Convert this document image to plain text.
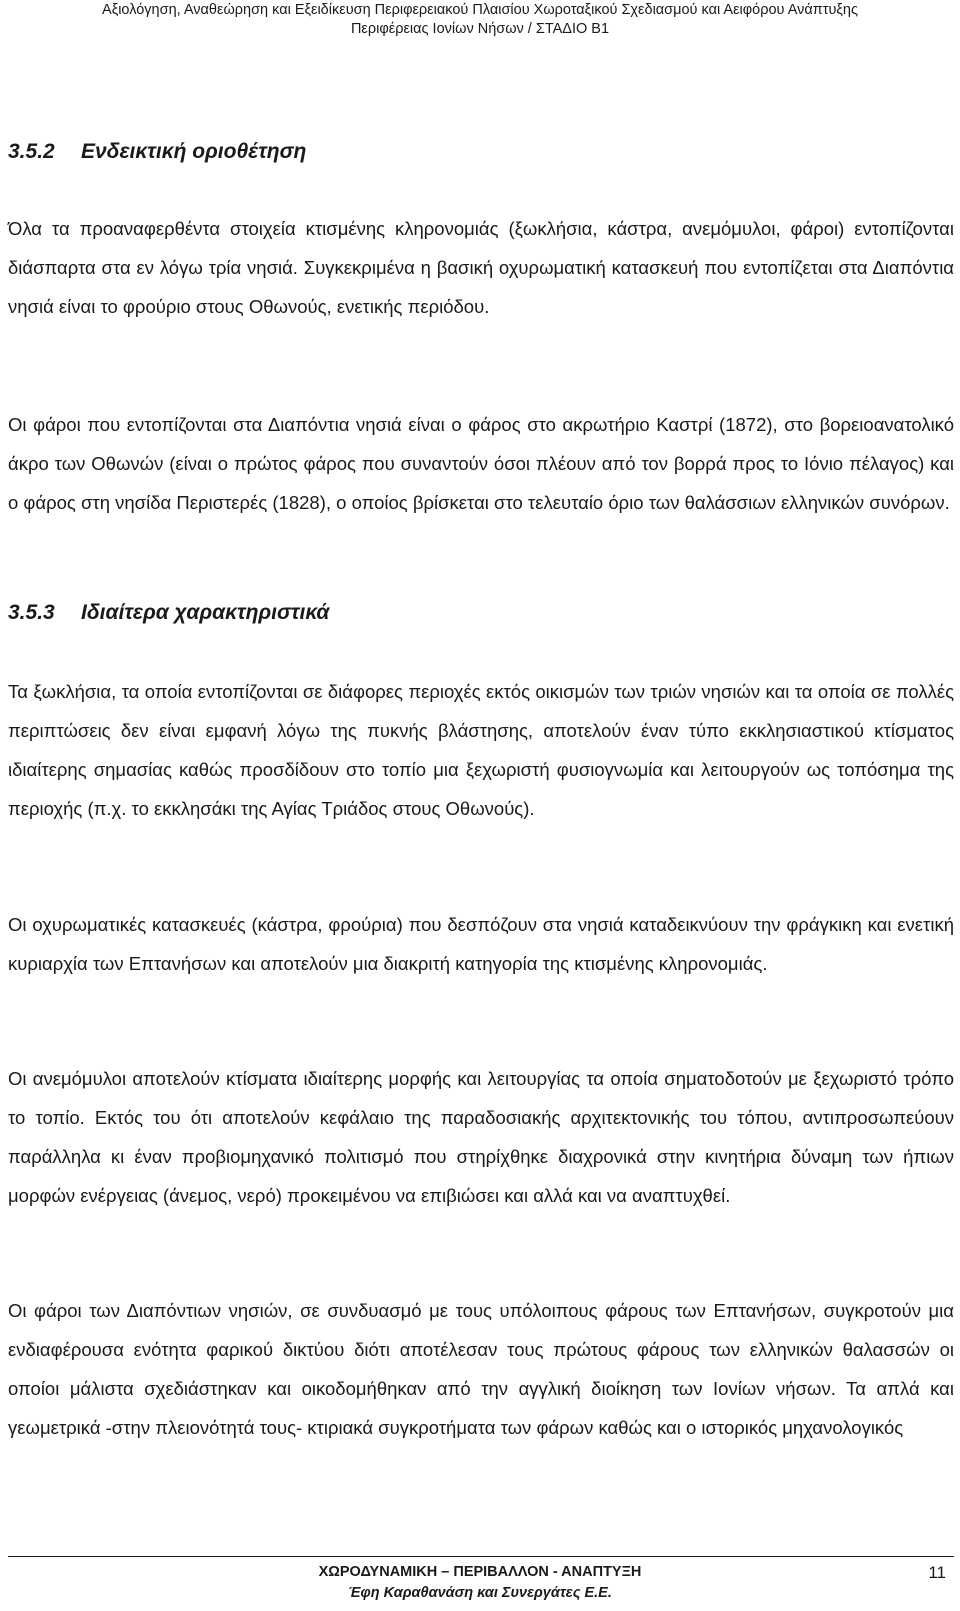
Αξιολόγηση, Αναθεώρηση και Εξειδίκευση Περιφερειακού Πλαισίου Χωροταξικού Σχεδιασμού και Αειφόρου Ανάπτυξης
Περιφέρειας Ιονίων Νήσων / ΣΤΑΔΙΟ Β1
3.5.2 Ενδεικτική οριοθέτηση

Όλα τα προαναφερθέντα στοιχεία κτισμένης κληρονομιάς (ξωκλήσια, κάστρα, ανεμόμυλοι, φάροι) εντοπίζονται διάσπαρτα στα εν λόγω τρία νησιά. Συγκεκριμένα η βασική οχυρωματική κατασκευή που εντοπίζεται στα Διαπόντια νησιά είναι το φρούριο στους Οθωνούς, ενετικής περιόδου.

Οι φάροι που εντοπίζονται στα Διαπόντια νησιά είναι ο φάρος στο ακρωτήριο Καστρί (1872), στο βορειοανατολικό άκρο των Οθωνών (είναι ο πρώτος φάρος που συναντούν όσοι πλέουν από τον βορρά προς το Ιόνιο πέλαγος) και ο φάρος στη νησίδα Περιστερές (1828), ο οποίος βρίσκεται στο τελευταίο όριο των θαλάσσιων ελληνικών συνόρων.

3.5.3 Ιδιαίτερα χαρακτηριστικά

Τα ξωκλήσια, τα οποία εντοπίζονται σε διάφορες περιοχές εκτός οικισμών των τριών νησιών και τα οποία σε πολλές περιπτώσεις δεν είναι εμφανή λόγω της πυκνής βλάστησης, αποτελούν έναν τύπο εκκλησιαστικού κτίσματος ιδιαίτερης σημασίας καθώς προσδίδουν στο τοπίο μια ξεχωριστή φυσιογνωμία και λειτουργούν ως τοπόσημα της περιοχής (π.χ. το εκκλησάκι της Αγίας Τριάδος στους Οθωνούς).

Οι οχυρωματικές κατασκευές (κάστρα, φρούρια) που δεσπόζουν στα νησιά καταδεικνύουν την φράγκικη και ενετική κυριαρχία των Επτανήσων και αποτελούν μια διακριτή κατηγορία της κτισμένης κληρονομιάς.

Οι ανεμόμυλοι αποτελούν κτίσματα ιδιαίτερης μορφής και λειτουργίας τα οποία σηματοδοτούν με ξεχωριστό τρόπο το τοπίο. Εκτός του ότι αποτελούν κεφάλαιο της παραδοσιακής αρχιτεκτονικής του τόπου, αντιπροσωπεύουν παράλληλα κι έναν προβιομηχανικό πολιτισμό που στηρίχθηκε διαχρονικά στην κινητήρια δύναμη των ήπιων μορφών ενέργειας (άνεμος, νερό) προκειμένου να επιβιώσει και αλλά και να αναπτυχθεί.

Οι φάροι των Διαπόντιων νησιών, σε συνδυασμό με τους υπόλοιπους φάρους των Επτανήσων, συγκροτούν μια ενδιαφέρουσα ενότητα φαρικού δικτύου διότι αποτέλεσαν τους πρώτους φάρους των ελληνικών θαλασσών οι οποίοι μάλιστα σχεδιάστηκαν και οικοδομήθηκαν από την αγγλική διοίκηση των Ιονίων νήσων. Τα απλά και γεωμετρικά -στην πλειονότητά τους- κτιριακά συγκροτήματα των φάρων καθώς και ο ιστορικός μηχανολογικός

ΧΩΡΟΔΥΝΑΜΙΚΗ – ΠΕΡΙΒΑΛΛΟΝ - ΑΝΑΠΤΥΞΗ
Έφη Καραθανάση και Συνεργάτες Ε.Ε.
11
